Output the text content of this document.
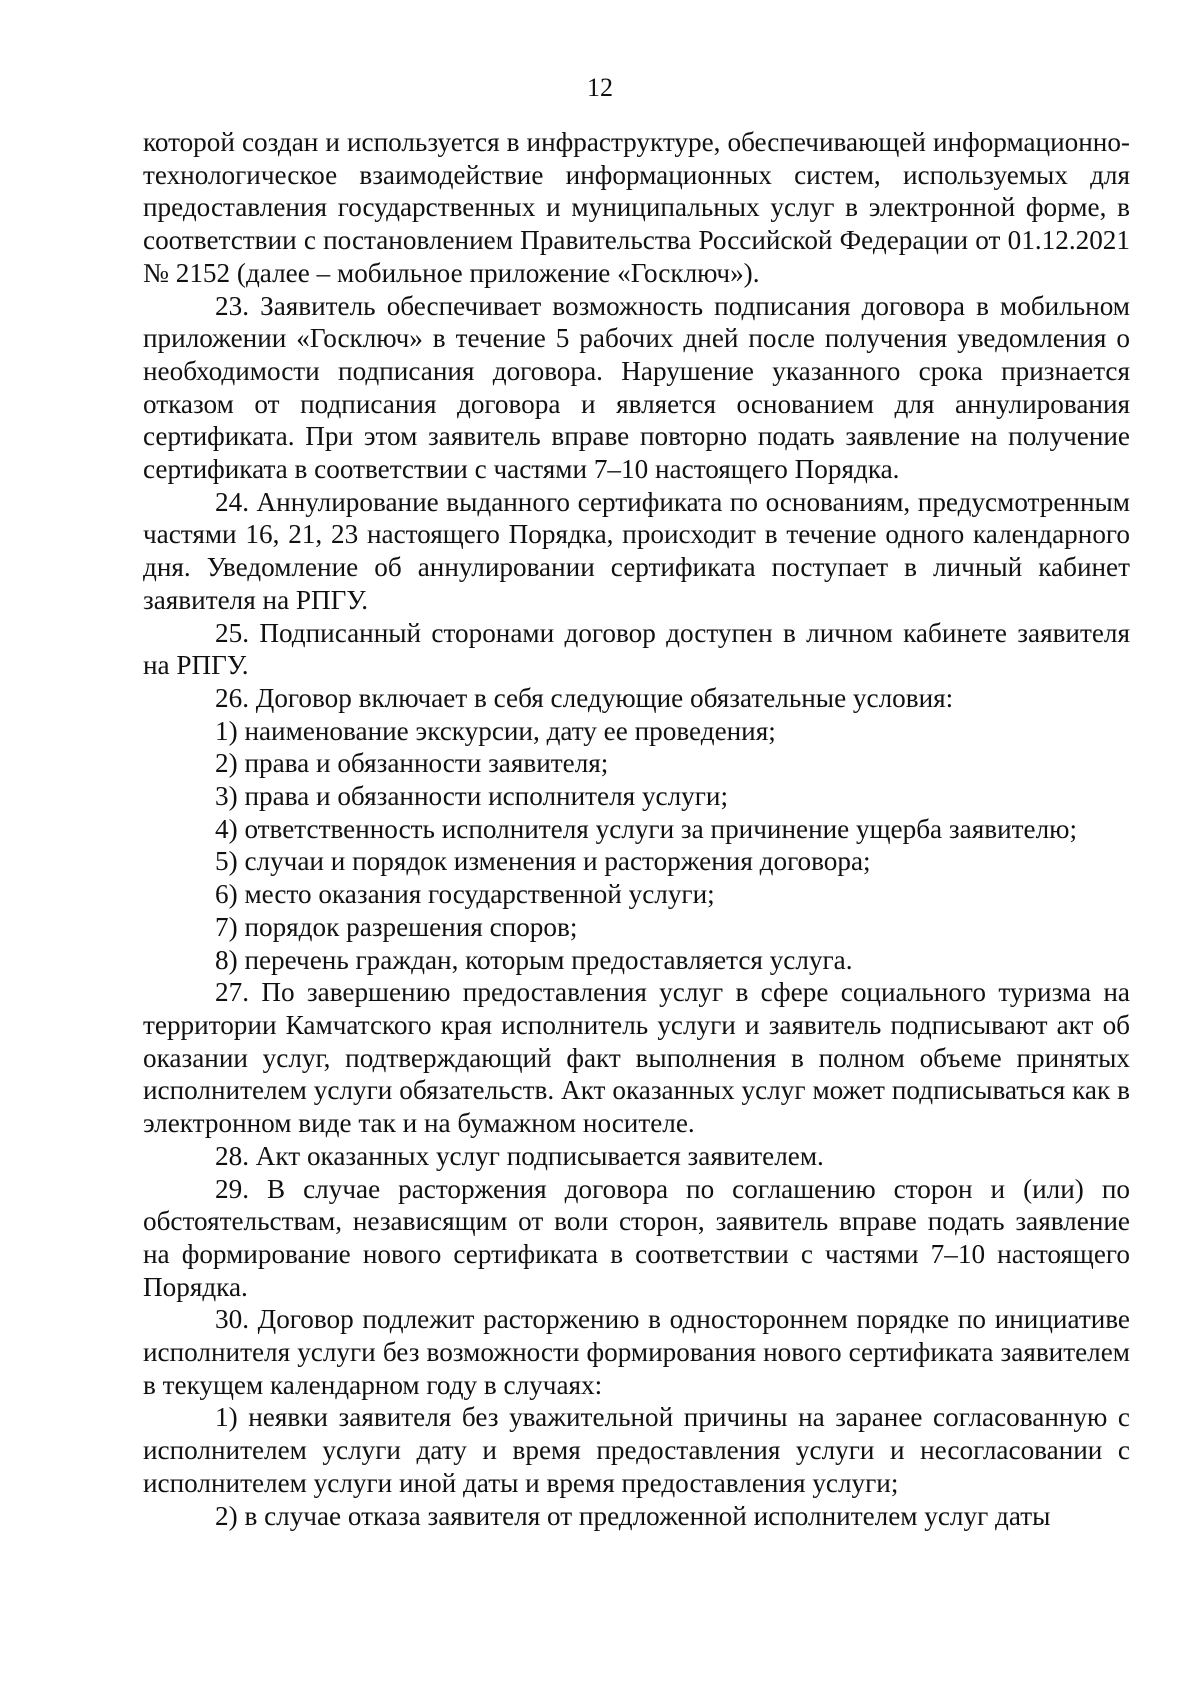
12

которой создан и используется в инфраструктуре, обеспечивающей информационно-технологическое взаимодействие информационных систем, используемых для предоставления государственных и муниципальных услуг в электронной форме, в соответствии с постановлением Правительства Российской Федерации от 01.12.2021 № 2152 (далее – мобильное приложение «Госключ»).

23. Заявитель обеспечивает возможность подписания договора в мобильном приложении «Госключ» в течение 5 рабочих дней после получения уведомления о необходимости подписания договора. Нарушение указанного срока признается отказом от подписания договора и является основанием для аннулирования сертификата. При этом заявитель вправе повторно подать заявление на получение сертификата в соответствии с частями 7–10 настоящего Порядка.

24. Аннулирование выданного сертификата по основаниям, предусмотренным частями 16, 21, 23 настоящего Порядка, происходит в течение одного календарного дня. Уведомление об аннулировании сертификата поступает в личный кабинет заявителя на РПГУ.

25. Подписанный сторонами договор доступен в личном кабинете заявителя на РПГУ.

26. Договор включает в себя следующие обязательные условия:

1) наименование экскурсии, дату ее проведения;

2) права и обязанности заявителя;

3) права и обязанности исполнителя услуги;

4) ответственность исполнителя услуги за причинение ущерба заявителю;

5) случаи и порядок изменения и расторжения договора;

6) место оказания государственной услуги;

7) порядок разрешения споров;

8) перечень граждан, которым предоставляется услуга.

27. По завершению предоставления услуг в сфере социального туризма на территории Камчатского края исполнитель услуги и заявитель подписывают акт об оказании услуг, подтверждающий факт выполнения в полном объеме принятых исполнителем услуги обязательств. Акт оказанных услуг может подписываться как в электронном виде так и на бумажном носителе.

28. Акт оказанных услуг подписывается заявителем.

29. В случае расторжения договора по соглашению сторон и (или) по обстоятельствам, независящим от воли сторон, заявитель вправе подать заявление на формирование нового сертификата в соответствии с частями 7–10 настоящего Порядка.

30. Договор подлежит расторжению в одностороннем порядке по инициативе исполнителя услуги без возможности формирования нового сертификата заявителем в текущем календарном году в случаях:

1) неявки заявителя без уважительной причины на заранее согласованную с исполнителем услуги дату и время предоставления услуги и несогласовании с исполнителем услуги иной даты и время предоставления услуги;

2) в случае отказа заявителя от предложенной исполнителем услуг даты
